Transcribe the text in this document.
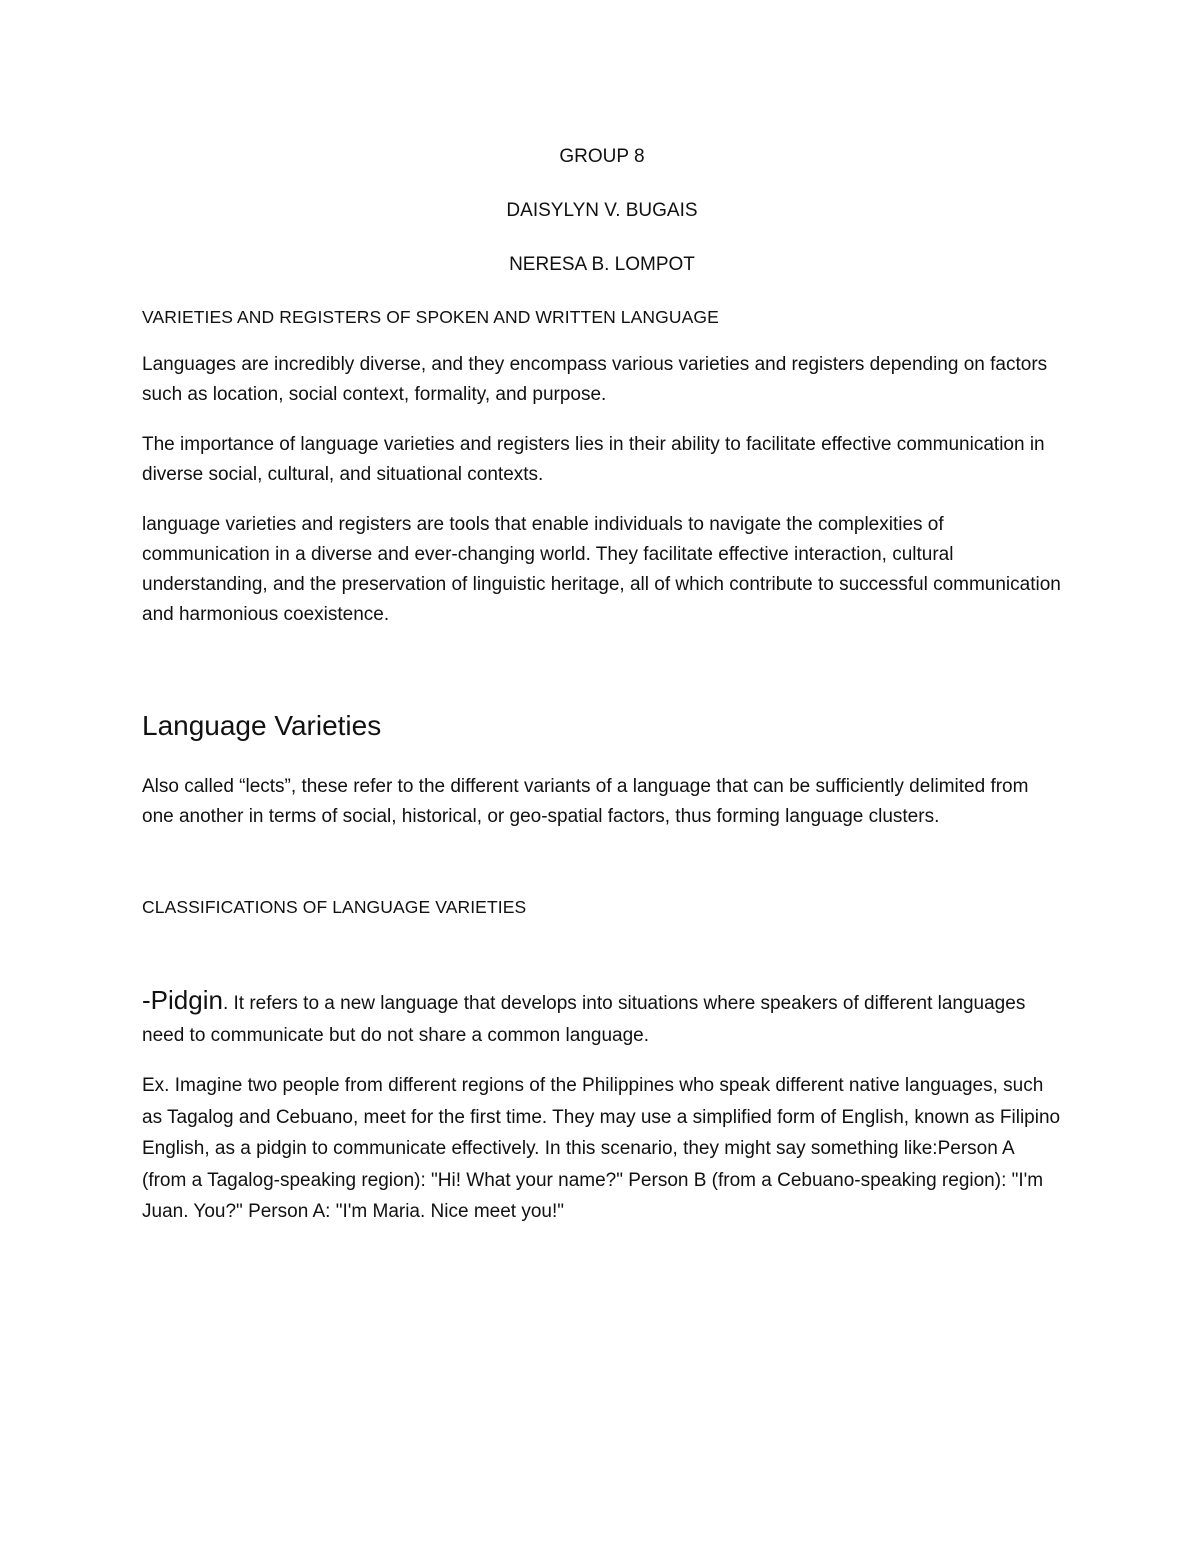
GROUP 8

DAISYLYN V. BUGAIS

NERESA B. LOMPOT

VARIETIES AND REGISTERS OF SPOKEN AND WRITTEN LANGUAGE

Languages are incredibly diverse, and they encompass various varieties and registers depending on factors such as location, social context, formality, and purpose.

The importance of language varieties and registers lies in their ability to facilitate effective communication in diverse social, cultural, and situational contexts.

language varieties and registers are tools that enable individuals to navigate the complexities of communication in a diverse and ever-changing world. They facilitate effective interaction, cultural understanding, and the preservation of linguistic heritage, all of which contribute to successful communication and harmonious coexistence.

Language Varieties

Also called “lects”, these refer to the different variants of a language that can be sufficiently delimited from one another in terms of social, historical, or geo-spatial factors, thus forming language clusters.

CLASSIFICATIONS OF LANGUAGE VARIETIES

-Pidgin. It refers to a new language that develops into situations where speakers of different languages need to communicate but do not share a common language.

Ex. Imagine two people from different regions of the Philippines who speak different native languages, such as Tagalog and Cebuano, meet for the first time. They may use a simplified form of English, known as Filipino English, as a pidgin to communicate effectively. In this scenario, they might say something like:Person A (from a Tagalog-speaking region): "Hi! What your name?" Person B (from a Cebuano-speaking region): "I'm Juan. You?" Person A: "I'm Maria. Nice meet you!"
